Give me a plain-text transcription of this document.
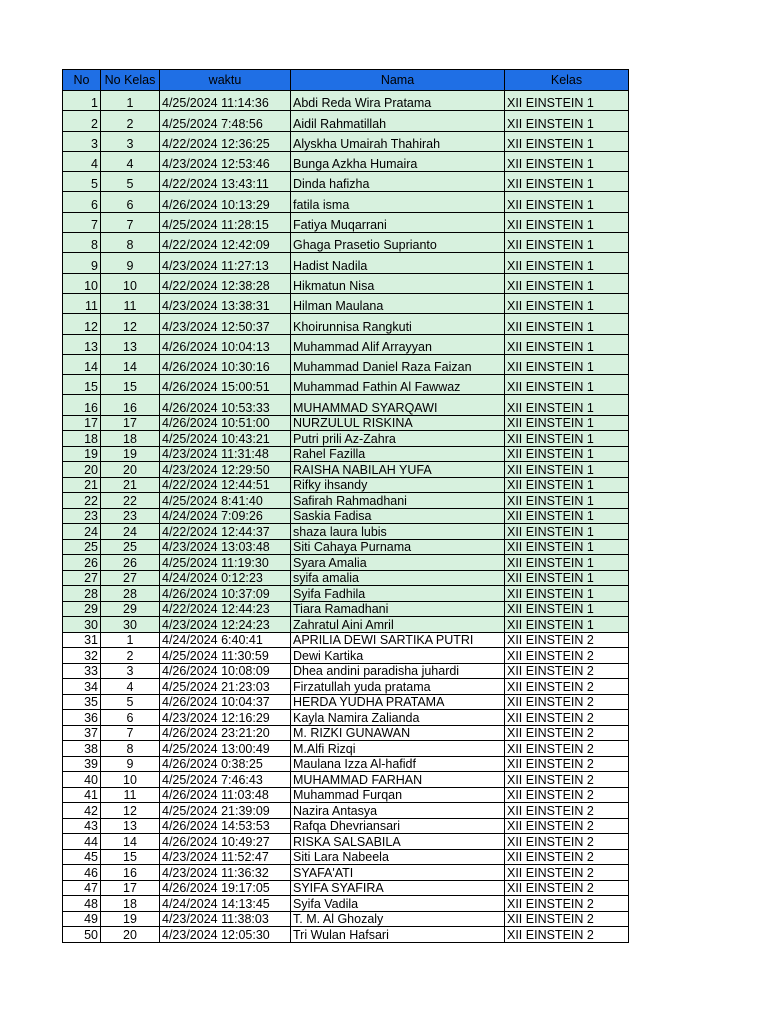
No	No Kelas	waktu	Nama	Kelas
1	1	4/25/2024 11:14:36	Abdi Reda Wira Pratama	XII EINSTEIN 1
2	2	4/25/2024 7:48:56	Aidil Rahmatillah	XII EINSTEIN 1
3	3	4/22/2024 12:36:25	Alyskha Umairah Thahirah	XII EINSTEIN 1
4	4	4/23/2024 12:53:46	Bunga Azkha Humaira	XII EINSTEIN 1
5	5	4/22/2024 13:43:11	Dinda hafizha	XII EINSTEIN 1
6	6	4/26/2024 10:13:29	fatila isma	XII EINSTEIN 1
7	7	4/25/2024 11:28:15	Fatiya Muqarrani	XII EINSTEIN 1
8	8	4/22/2024 12:42:09	Ghaga Prasetio Suprianto	XII EINSTEIN 1
9	9	4/23/2024 11:27:13	Hadist Nadila	XII EINSTEIN 1
10	10	4/22/2024 12:38:28	Hikmatun Nisa	XII EINSTEIN 1
11	11	4/23/2024 13:38:31	Hilman Maulana	XII EINSTEIN 1
12	12	4/23/2024 12:50:37	Khoirunnisa Rangkuti	XII EINSTEIN 1
13	13	4/26/2024 10:04:13	Muhammad Alif Arrayyan	XII EINSTEIN 1
14	14	4/26/2024 10:30:16	Muhammad Daniel Raza Faizan	XII EINSTEIN 1
15	15	4/26/2024 15:00:51	Muhammad Fathin Al Fawwaz	XII EINSTEIN 1
16	16	4/26/2024 10:53:33	MUHAMMAD SYARQAWI	XII EINSTEIN 1
17	17	4/26/2024 10:51:00	NURZULUL RISKINA	XII EINSTEIN 1
18	18	4/25/2024 10:43:21	Putri prili Az-Zahra	XII EINSTEIN 1
19	19	4/23/2024 11:31:48	Rahel Fazilla	XII EINSTEIN 1
20	20	4/23/2024 12:29:50	RAISHA NABILAH YUFA	XII EINSTEIN 1
21	21	4/22/2024 12:44:51	Rifky ihsandy	XII EINSTEIN 1
22	22	4/25/2024 8:41:40	Safirah Rahmadhani	XII EINSTEIN 1
23	23	4/24/2024 7:09:26	Saskia Fadisa	XII EINSTEIN 1
24	24	4/22/2024 12:44:37	shaza laura lubis	XII EINSTEIN 1
25	25	4/23/2024 13:03:48	Siti Cahaya Purnama	XII EINSTEIN 1
26	26	4/25/2024 11:19:30	Syara Amalia	XII EINSTEIN 1
27	27	4/24/2024 0:12:23	syifa amalia	XII EINSTEIN 1
28	28	4/26/2024 10:37:09	Syifa Fadhila	XII EINSTEIN 1
29	29	4/22/2024 12:44:23	Tiara Ramadhani	XII EINSTEIN 1
30	30	4/23/2024 12:24:23	Zahratul Aini Amril	XII EINSTEIN 1
31	1	4/24/2024 6:40:41	APRILIA DEWI SARTIKA PUTRI	XII EINSTEIN 2
32	2	4/25/2024 11:30:59	Dewi Kartika	XII EINSTEIN 2
33	3	4/26/2024 10:08:09	Dhea andini paradisha juhardi	XII EINSTEIN 2
34	4	4/25/2024 21:23:03	Firzatullah yuda pratama	XII EINSTEIN 2
35	5	4/26/2024 10:04:37	HERDA YUDHA PRATAMA	XII EINSTEIN 2
36	6	4/23/2024 12:16:29	Kayla Namira Zalianda	XII EINSTEIN 2
37	7	4/26/2024 23:21:20	M. RIZKI GUNAWAN	XII EINSTEIN 2
38	8	4/25/2024 13:00:49	M.Alfi Rizqi	XII EINSTEIN 2
39	9	4/26/2024 0:38:25	Maulana Izza Al-hafidf	XII EINSTEIN 2
40	10	4/25/2024 7:46:43	MUHAMMAD FARHAN	XII EINSTEIN 2
41	11	4/26/2024 11:03:48	Muhammad Furqan	XII EINSTEIN 2
42	12	4/25/2024 21:39:09	Nazira Antasya	XII EINSTEIN 2
43	13	4/26/2024 14:53:53	Rafqa Dhevriansari	XII EINSTEIN 2
44	14	4/26/2024 10:49:27	RISKA SALSABILA	XII EINSTEIN 2
45	15	4/23/2024 11:52:47	Siti Lara Nabeela	XII EINSTEIN 2
46	16	4/23/2024 11:36:32	SYAFA'ATI	XII EINSTEIN 2
47	17	4/26/2024 19:17:05	SYIFA SYAFIRA	XII EINSTEIN 2
48	18	4/24/2024 14:13:45	Syifa Vadila	XII EINSTEIN 2
49	19	4/23/2024 11:38:03	T. M. Al Ghozaly	XII EINSTEIN 2
50	20	4/23/2024 12:05:30	Tri Wulan Hafsari	XII EINSTEIN 2
